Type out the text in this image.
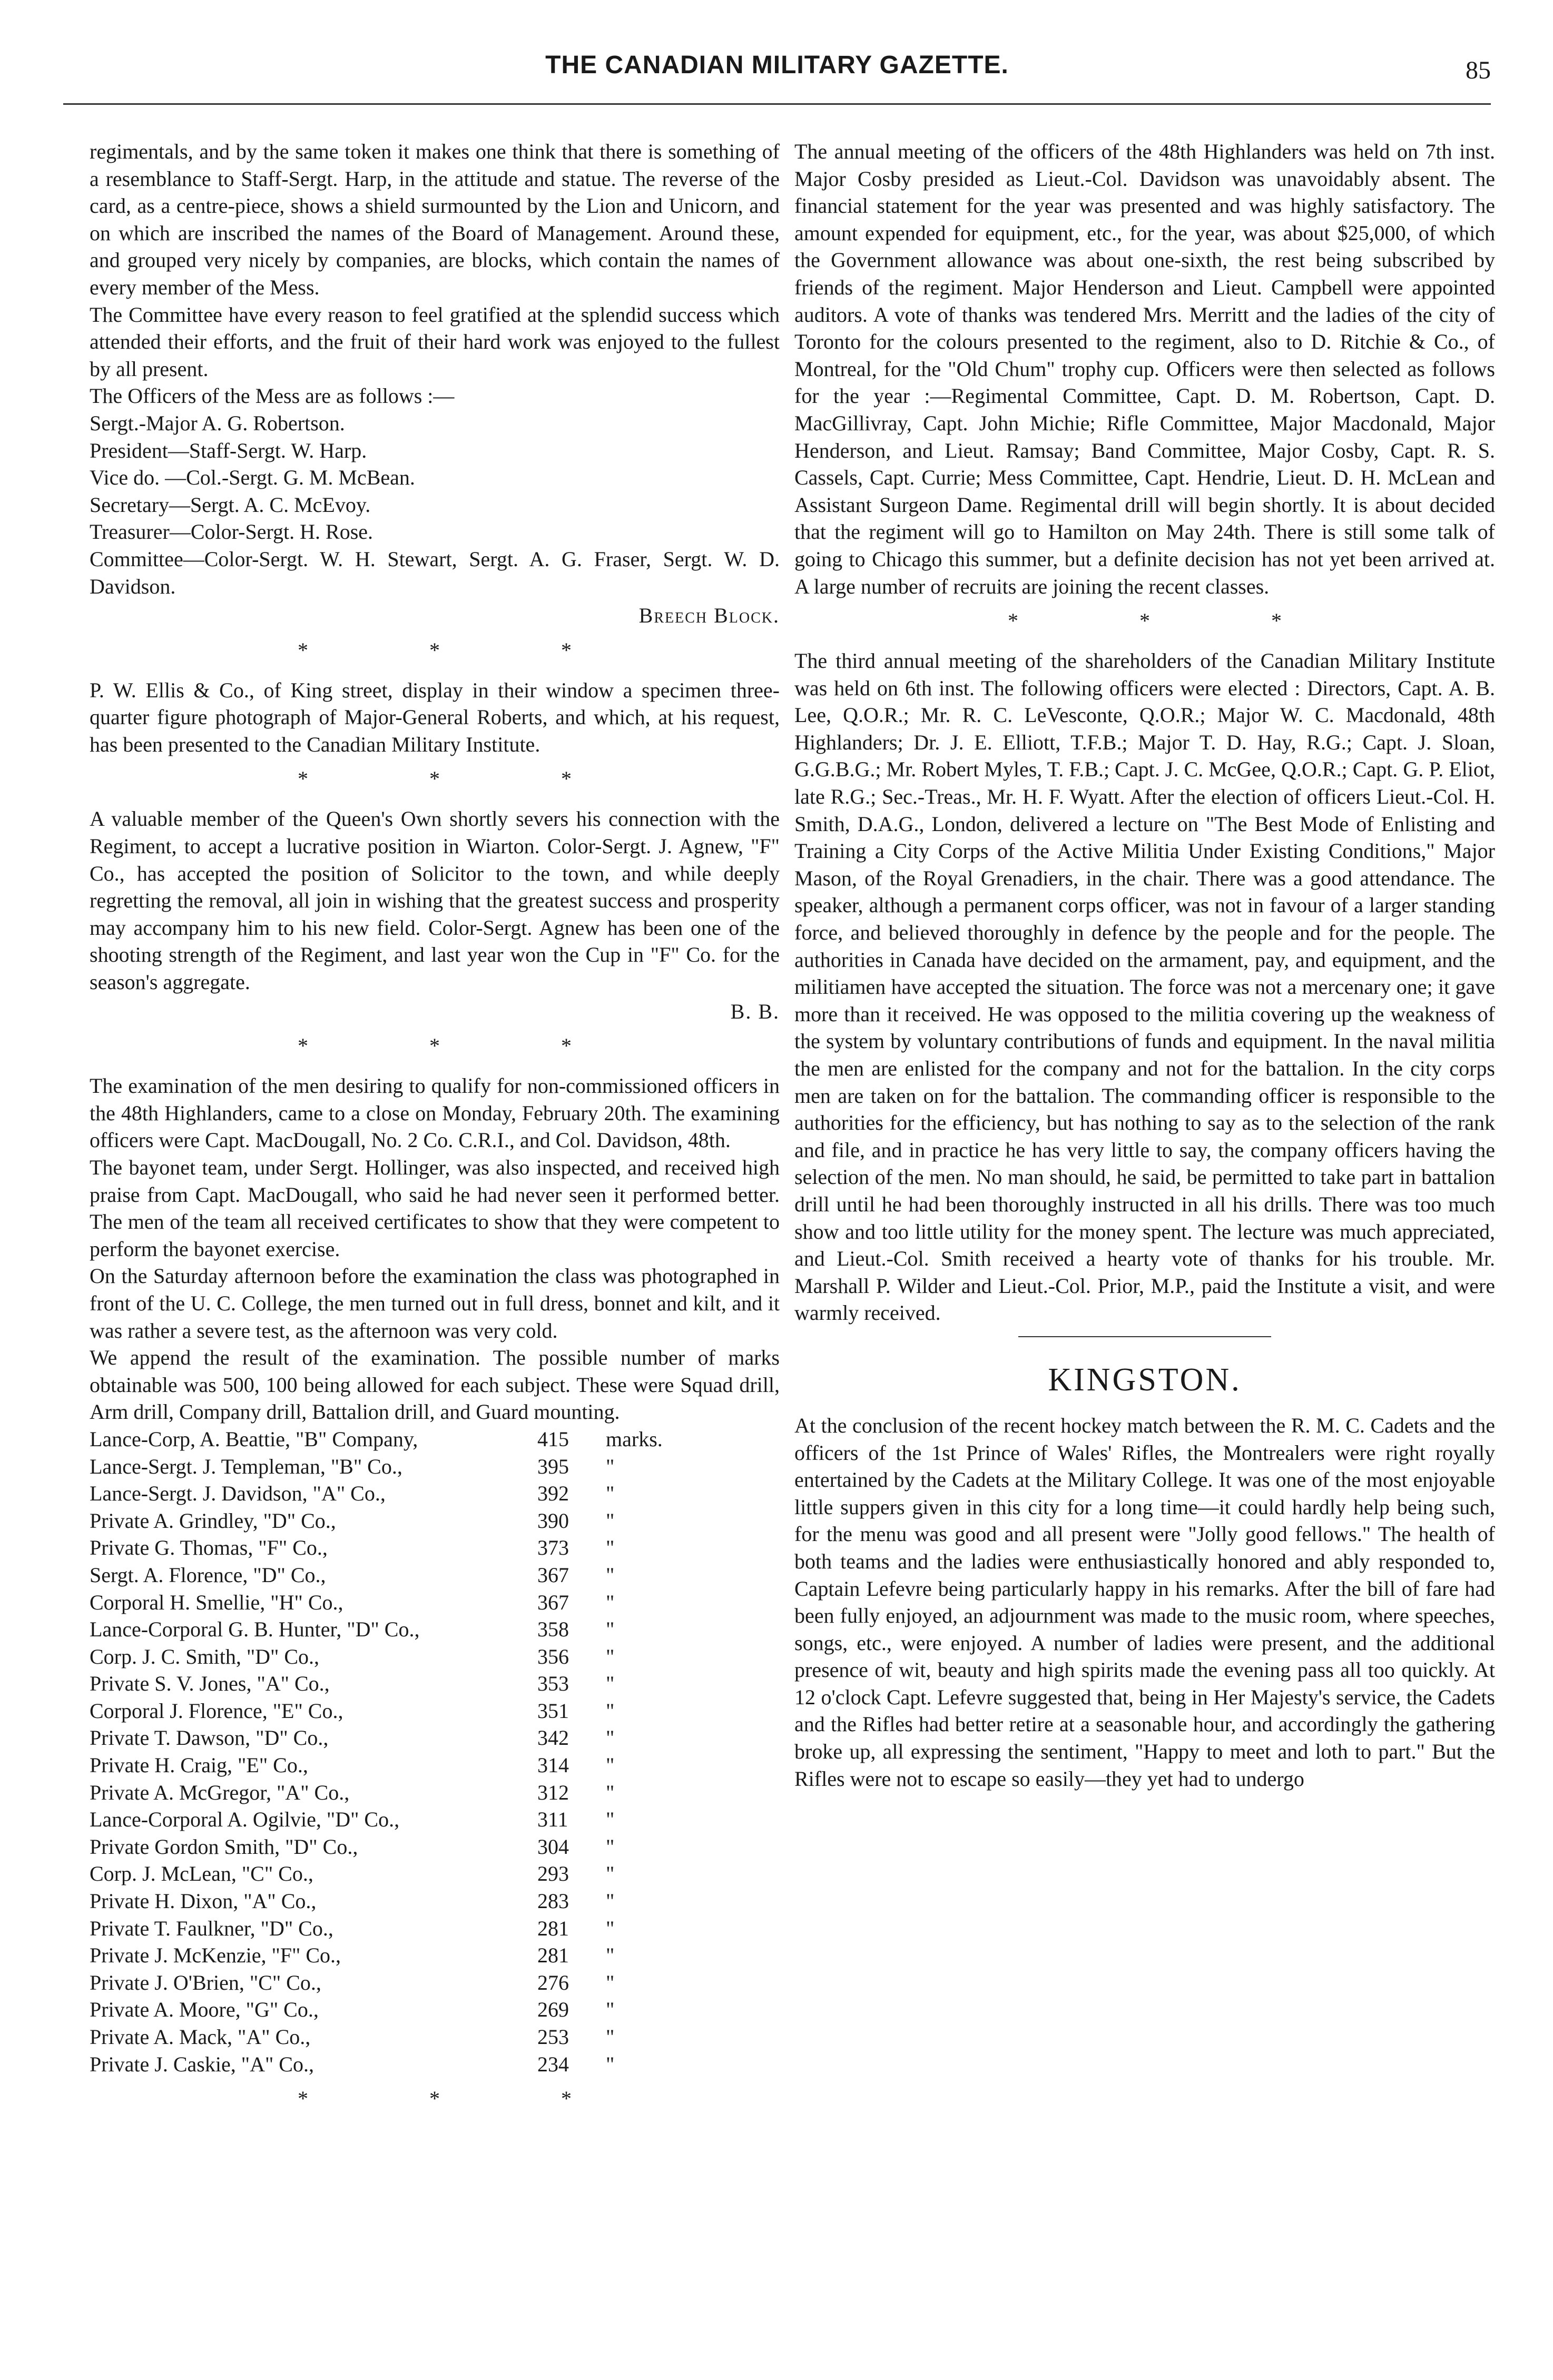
THE CANADIAN MILITARY GAZETTE.	85

regimentals, and by the same token it makes one think that there is something of a resemblance to Staff-Sergt. Harp, in the attitude and statue. The reverse of the card, as a centre-piece, shows a shield surmounted by the Lion and Unicorn, and on which are inscribed the names of the Board of Management. Around these, and grouped very nicely by companies, are blocks, which contain the names of every member of the Mess.

The Committee have every reason to feel gratified at the splendid success which attended their efforts, and the fruit of their hard work was enjoyed to the fullest by all present.

The Officers of the Mess are as follows :—

Sergt.-Major A. G. Robertson.

President—Staff-Sergt. W. Harp.

Vice do. —Col.-Sergt. G. M. McBean.

Secretary—Sergt. A. C. McEvoy.

Treasurer—Color-Sergt. H. Rose.

Committee—Color-Sergt. W. H. Stewart, Sergt. A. G. Fraser, Sergt. W. D. Davidson.

Breech Block.
* * *

P. W. Ellis & Co., of King street, display in their window a specimen three-quarter figure photograph of Major-General Roberts, and which, at his request, has been presented to the Canadian Military Institute.

* * *

A valuable member of the Queen's Own shortly severs his connection with the Regiment, to accept a lucrative position in Wiarton. Color-Sergt. J. Agnew, "F" Co., has accepted the position of Solicitor to the town, and while deeply regretting the removal, all join in wishing that the greatest success and prosperity may accompany him to his new field. Color-Sergt. Agnew has been one of the shooting strength of the Regiment, and last year won the Cup in "F" Co. for the season's aggregate.

B. B.
* * *

The examination of the men desiring to qualify for non-commissioned officers in the 48th Highlanders, came to a close on Monday, February 20th. The examining officers were Capt. MacDougall, No. 2 Co. C.R.I., and Col. Davidson, 48th.

The bayonet team, under Sergt. Hollinger, was also inspected, and received high praise from Capt. MacDougall, who said he had never seen it performed better. The men of the team all received certificates to show that they were competent to perform the bayonet exercise.

On the Saturday afternoon before the examination the class was photographed in front of the U. C. College, the men turned out in full dress, bonnet and kilt, and it was rather a severe test, as the afternoon was very cold.

We append the result of the examination. The possible number of marks obtainable was 500, 100 being allowed for each subject. These were Squad drill, Arm drill, Company drill, Battalion drill, and Guard mounting.

Lance-Corp, A. Beattie, "B" Company,	415	marks.
Lance-Sergt. J. Templeman, "B" Co.,	395	"
Lance-Sergt. J. Davidson, "A" Co.,	392	"
Private A. Grindley, "D" Co.,	390	"
Private G. Thomas, "F" Co.,	373	"
Sergt. A. Florence, "D" Co.,	367	"
Corporal H. Smellie, "H" Co.,	367	"
Lance-Corporal G. B. Hunter, "D" Co.,	358	"
Corp. J. C. Smith, "D" Co.,	356	"
Private S. V. Jones, "A" Co.,	353	"
Corporal J. Florence, "E" Co.,	351	"
Private T. Dawson, "D" Co.,	342	"
Private H. Craig, "E" Co.,	314	"
Private A. McGregor, "A" Co.,	312	"
Lance-Corporal A. Ogilvie, "D" Co.,	311	"
Private Gordon Smith, "D" Co.,	304	"
Corp. J. McLean, "C" Co.,	293	"
Private H. Dixon, "A" Co.,	283	"
Private T. Faulkner, "D" Co.,	281	"
Private J. McKenzie, "F" Co.,	281	"
Private J. O'Brien, "C" Co.,	276	"
Private A. Moore, "G" Co.,	269	"
Private A. Mack, "A" Co.,	253	"
Private J. Caskie, "A" Co.,	234	"
* * *

The annual meeting of the officers of the 48th Highlanders was held on 7th inst. Major Cosby presided as Lieut.-Col. Davidson was unavoidably absent. The financial statement for the year was presented and was highly satisfactory. The amount expended for equipment, etc., for the year, was about $25,000, of which the Government allowance was about one-sixth, the rest being subscribed by friends of the regiment. Major Henderson and Lieut. Campbell were appointed auditors. A vote of thanks was tendered Mrs. Merritt and the ladies of the city of Toronto for the colours presented to the regiment, also to D. Ritchie & Co., of Montreal, for the "Old Chum" trophy cup. Officers were then selected as follows for the year :—Regimental Committee, Capt. D. M. Robertson, Capt. D. MacGillivray, Capt. John Michie; Rifle Committee, Major Macdonald, Major Henderson, and Lieut. Ramsay; Band Committee, Major Cosby, Capt. R. S. Cassels, Capt. Currie; Mess Committee, Capt. Hendrie, Lieut. D. H. McLean and Assistant Surgeon Dame. Regimental drill will begin shortly. It is about decided that the regiment will go to Hamilton on May 24th. There is still some talk of going to Chicago this summer, but a definite decision has not yet been arrived at. A large number of recruits are joining the recent classes.

* * *

The third annual meeting of the shareholders of the Canadian Military Institute was held on 6th inst. The following officers were elected : Directors, Capt. A. B. Lee, Q.O.R.; Mr. R. C. LeVesconte, Q.O.R.; Major W. C. Macdonald, 48th Highlanders; Dr. J. E. Elliott, T.F.B.; Major T. D. Hay, R.G.; Capt. J. Sloan, G.G.B.G.; Mr. Robert Myles, T. F.B.; Capt. J. C. McGee, Q.O.R.; Capt. G. P. Eliot, late R.G.; Sec.-Treas., Mr. H. F. Wyatt. After the election of officers Lieut.-Col. H. Smith, D.A.G., London, delivered a lecture on "The Best Mode of Enlisting and Training a City Corps of the Active Militia Under Existing Conditions," Major Mason, of the Royal Grenadiers, in the chair. There was a good attendance. The speaker, although a permanent corps officer, was not in favour of a larger standing force, and believed thoroughly in defence by the people and for the people. The authorities in Canada have decided on the armament, pay, and equipment, and the militiamen have accepted the situation. The force was not a mercenary one; it gave more than it received. He was opposed to the militia covering up the weakness of the system by voluntary contributions of funds and equipment. In the naval militia the men are enlisted for the company and not for the battalion. In the city corps men are taken on for the battalion. The commanding officer is responsible to the authorities for the efficiency, but has nothing to say as to the selection of the rank and file, and in practice he has very little to say, the company officers having the selection of the men. No man should, he said, be permitted to take part in battalion drill until he had been thoroughly instructed in all his drills. There was too much show and too little utility for the money spent. The lecture was much appreciated, and Lieut.-Col. Smith received a hearty vote of thanks for his trouble. Mr. Marshall P. Wilder and Lieut.-Col. Prior, M.P., paid the Institute a visit, and were warmly received.

KINGSTON.

At the conclusion of the recent hockey match between the R. M. C. Cadets and the officers of the 1st Prince of Wales' Rifles, the Montrealers were right royally entertained by the Cadets at the Military College. It was one of the most enjoyable little suppers given in this city for a long time—it could hardly help being such, for the menu was good and all present were "Jolly good fellows." The health of both teams and the ladies were enthusiastically honored and ably responded to, Captain Lefevre being particularly happy in his remarks. After the bill of fare had been fully enjoyed, an adjournment was made to the music room, where speeches, songs, etc., were enjoyed. A number of ladies were present, and the additional presence of wit, beauty and high spirits made the evening pass all too quickly. At 12 o'clock Capt. Lefevre suggested that, being in Her Majesty's service, the Cadets and the Rifles had better retire at a seasonable hour, and accordingly the gathering broke up, all expressing the sentiment, "Happy to meet and loth to part." But the Rifles were not to escape so easily—they yet had to undergo
